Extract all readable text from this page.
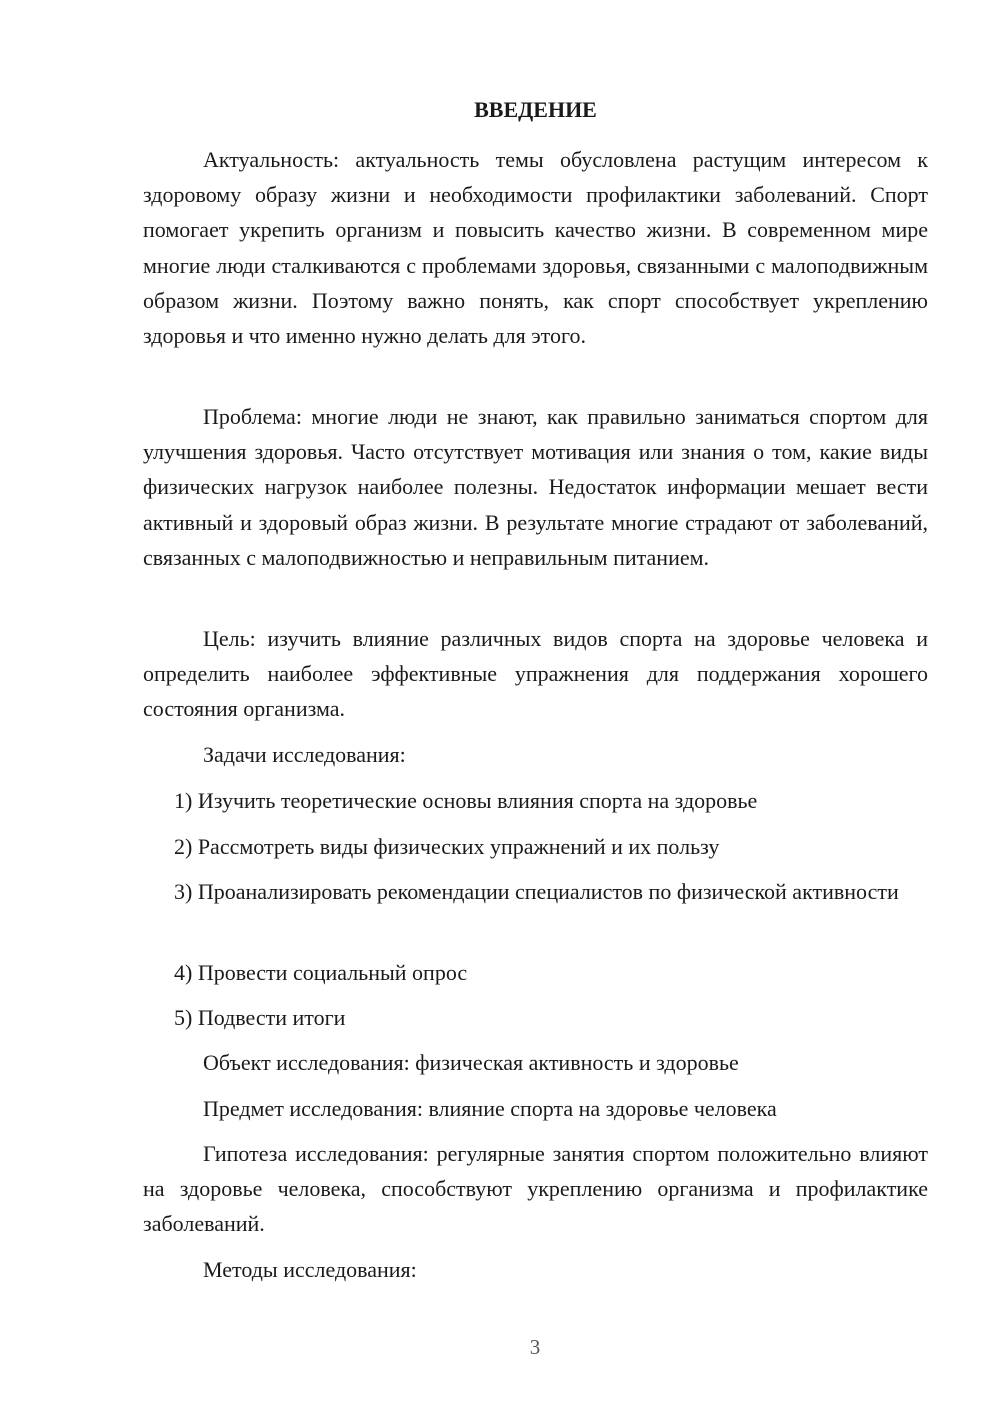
ВВЕДЕНИЕ

Актуальность: актуальность темы обусловлена растущим интересом к здоровому образу жизни и необходимости профилактики заболеваний. Спорт помогает укрепить организм и повысить качество жизни. В современном мире многие люди сталкиваются с проблемами здоровья, связанными с малоподвижным образом жизни. Поэтому важно понять, как спорт способствует укреплению здоровья и что именно нужно делать для этого.

Проблема: многие люди не знают, как правильно заниматься спортом для улучшения здоровья. Часто отсутствует мотивация или знания о том, какие виды физических нагрузок наиболее полезны. Недостаток информации мешает вести активный и здоровый образ жизни. В результате многие страдают от заболеваний, связанных с малоподвижностью и неправильным питанием.

Цель: изучить влияние различных видов спорта на здоровье человека и определить наиболее эффективные упражнения для поддержания хорошего состояния организма.

Задачи исследования:

1) Изучить теоретические основы влияния спорта на здоровье

2) Рассмотреть виды физических упражнений и их пользу

3) Проанализировать рекомендации специалистов по физической активности

4) Провести социальный опрос

5) Подвести итоги

Объект исследования: физическая активность и здоровье

Предмет исследования: влияние спорта на здоровье человека

Гипотеза исследования: регулярные занятия спортом положительно влияют на здоровье человека, способствуют укреплению организма и профилактике заболеваний.

Методы исследования:

3
